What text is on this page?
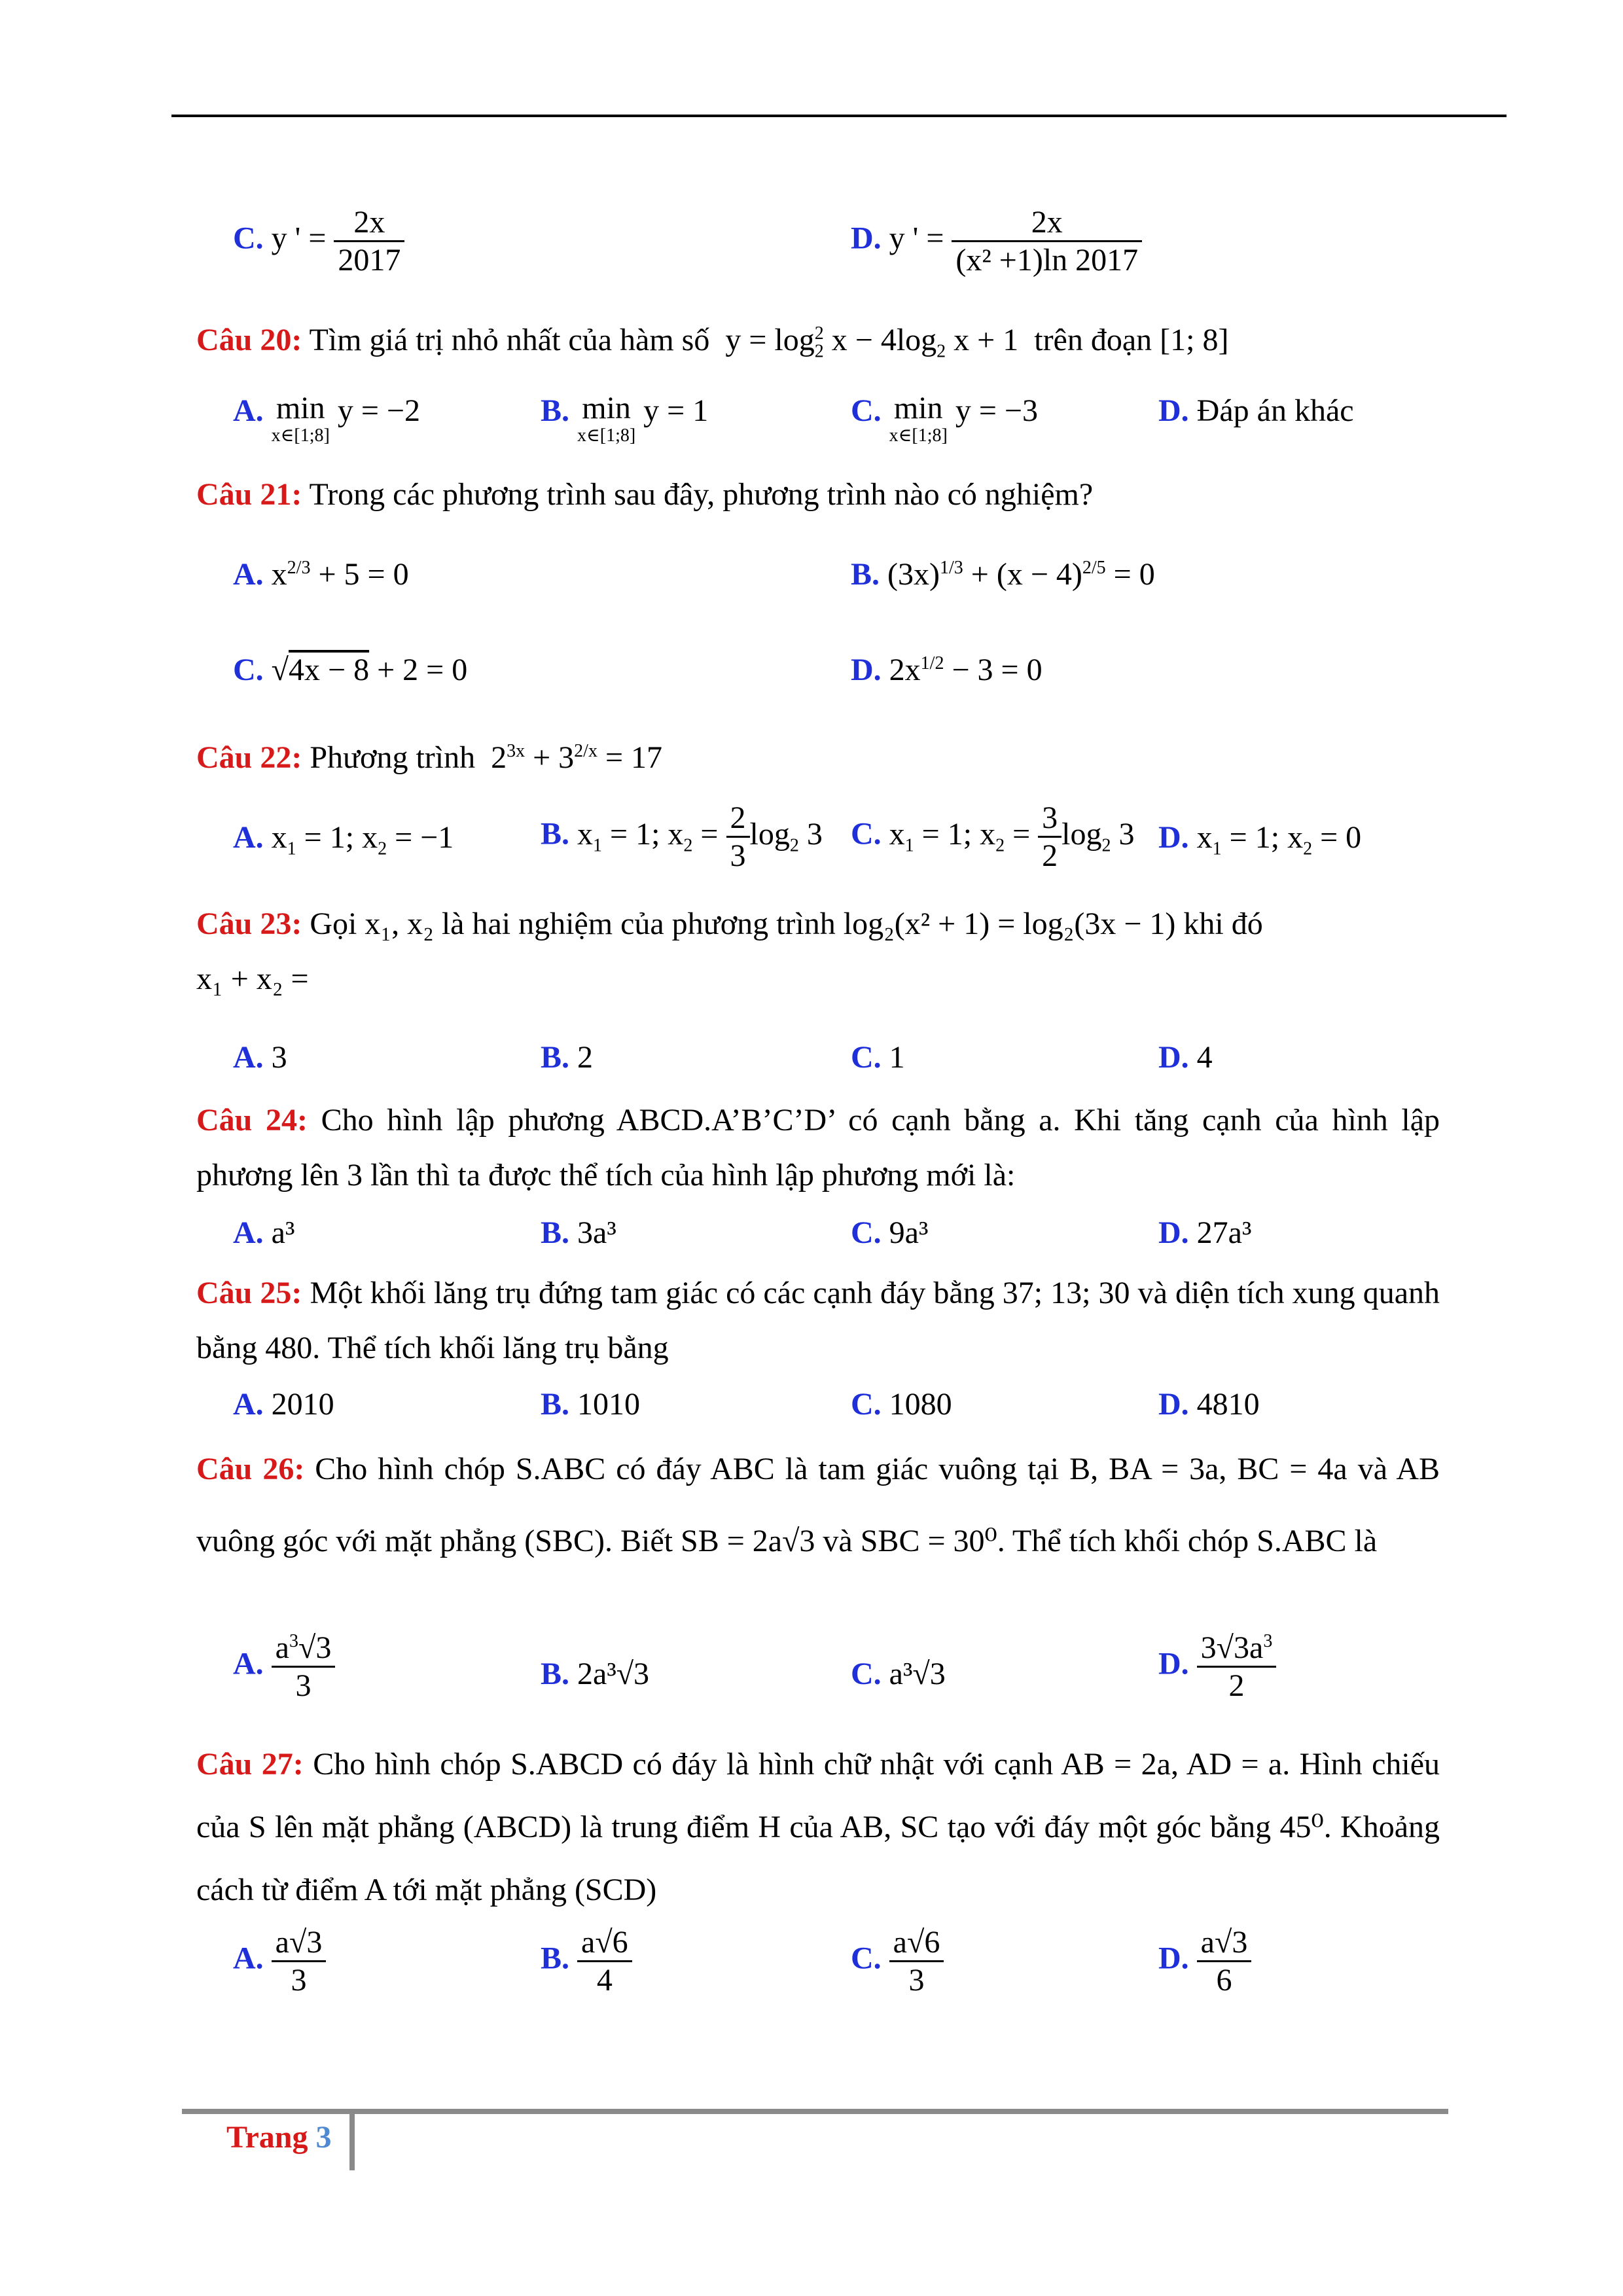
C. y ' = $\frac{2x}{2017}$	D. y ' = $\frac{2x}{\text{(x² +1)ln 2017}}$
Câu 20: Tìm giá trị nhỏ nhất của hàm số $y = \log_2^2 x - 4\log_2$ x + 1 trên đoạn [1; 8]
A. min
x∈[1;8]
y = −2	B. min
x∈[1;8]
y = 1	C. min
x∈[1;8]
y = −3	D. Đáp án khác
Câu 21: Trong các phương trình sau đây, phương trình nào có nghiệm?
A. $x^{2/3} + 5 = 0$	B. $(3x)^{1/3} + (x - 4)^{2/5} = 0$
C. √4x − 8 + 2 = 0	D. $2x^{1/2} - 3 = 0$
Câu 22: Phương trình $2^{3x} + 3^{2/x} = 17$
A. $x_1 = 1$; $x_2 = -1$	B. $x_1 = 1$; $x_2 = \frac{2}{3} \log_2 3$ C. $x_1 = 1$; $x_2 = \frac{3}{2} \log_2 3$ D. $x_1 = 1$; $x_2 = 0$
Câu 23: Gọi x₁, x₂ là hai nghiệm của phương trình log₂(x² + 1) = log₂(3x − 1) khi đó
x₁ + x₂ =
A. 3	B. 2	C. 1	D. 4
Câu 24: Cho hình lập phương ABCD.A’B’C’D’ có cạnh bằng a. Khi tăng cạnh của hình lập phương lên 3 lần thì ta được thể tích của hình lập phương mới là:
A. a³	B. 3a³	C. 9a³	D. 27a³
Câu 25: Một khối lăng trụ đứng tam giác có các cạnh đáy bằng 37; 13; 30 và diện tích xung quanh bằng 480. Thể tích khối lăng trụ bằng
A. 2010	B. 1010	C. 1080	D. 4810
Câu 26: Cho hình chóp S.ABC có đáy ABC là tam giác vuông tại B, BA = 3a, BC = 4a và AB vuông góc với mặt phẳng (SBC). Biết SB = 2a√3 và SBC = 30⁰. Thể tích khối chóp S.ABC là
A. $\frac{a^3√3}{3}$	B. 2a³√3	C. a³√3	D. $\frac{3√3a^3}{2}$
Câu 27: Cho hình chóp S.ABCD có đáy là hình chữ nhật với cạnh AB = 2a, AD = a. Hình chiếu của S lên mặt phẳng (ABCD) là trung điểm H của AB, SC tạo với đáy một góc bằng 45⁰. Khoảng cách từ điểm A tới mặt phẳng (SCD)
A. $\frac{a√3}{3}$	B. $\frac{a√6}{4}$	C. $\frac{a√6}{3}$	D. $\frac{a√3}{6}$
Trang 3
